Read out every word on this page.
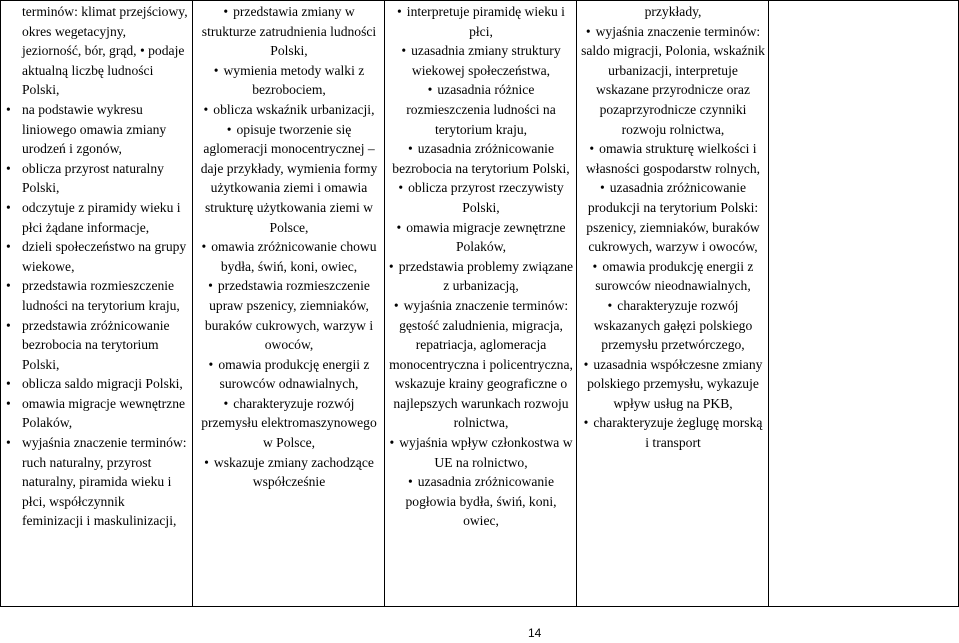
terminów: klimat przejściowy, okres wegetacyjny, jeziorność, bór, grąd, • podaje aktualną liczbę ludności Polski,
• na podstawie wykresu liniowego omawia zmiany urodzeń i zgonów,
• oblicza przyrost naturalny Polski,
• odczytuje z piramidy wieku i płci żądane informacje,
• dzieli społeczeństwo na grupy wiekowe,
• przedstawia rozmieszczenie ludności na terytorium kraju,
• przedstawia zróżnicowanie bezrobocia na terytorium Polski,
• oblicza saldo migracji Polski,
• omawia migracje wewnętrzne Polaków,
• wyjaśnia znaczenie terminów: ruch naturalny, przyrost naturalny, piramida wieku i płci, współczynnik feminizacji i maskulinizacji,
• przedstawia zmiany w strukturze zatrudnienia ludności Polski,
• wymienia metody walki z bezrobociem,
• oblicza wskaźnik urbanizacji,
• opisuje tworzenie się aglomeracji monocentrycznej – daje przykłady, wymienia formy użytkowania ziemi i omawia strukturę użytkowania ziemi w Polsce,
• omawia zróżnicowanie chowu bydła, świń, koni, owiec,
• przedstawia rozmieszczenie upraw pszenicy, ziemniaków, buraków cukrowych, warzyw i owoców,
• omawia produkcję energii z surowców odnawialnych,
• charakteryzuje rozwój przemysłu elektromaszynowego w Polsce,
• wskazuje zmiany zachodzące współcześnie
• interpretuje piramidę wieku i płci,
• uzasadnia zmiany struktury wiekowej społeczeństwa,
• uzasadnia różnice rozmieszczenia ludności na terytorium kraju,
• uzasadnia zróżnicowanie bezrobocia na terytorium Polski,
• oblicza przyrost rzeczywisty Polski,
• omawia migracje zewnętrzne Polaków,
• przedstawia problemy związane z urbanizacją,
• wyjaśnia znaczenie terminów: gęstość zaludnienia, migracja, repatriacja, aglomeracja monocentryczna i policentryczna, wskazuje krainy geograficzne o najlepszych warunkach rozwoju rolnictwa,
• wyjaśnia wpływ członkostwa w UE na rolnictwo,
• uzasadnia zróżnicowanie pogłowia bydła, świń, koni, owiec,
przykłady,
• wyjaśnia znaczenie terminów: saldo migracji, Polonia, wskaźnik urbanizacji, interpretuje wskazane przyrodnicze oraz pozaprzyrodnicze czynniki rozwoju rolnictwa,
• omawia strukturę wielkości i własności gospodarstw rolnych,
• uzasadnia zróżnicowanie produkcji na terytorium Polski: pszenicy, ziemniaków, buraków cukrowych, warzyw i owoców,
• omawia produkcję energii z surowców nieodnawialnych,
• charakteryzuje rozwój wskazanych gałęzi polskiego przemysłu przetwórczego,
• uzasadnia współczesne zmiany polskiego przemysłu, wykazuje wpływ usług na PKB,
• charakteryzuje żeglugę morską i transport
14
